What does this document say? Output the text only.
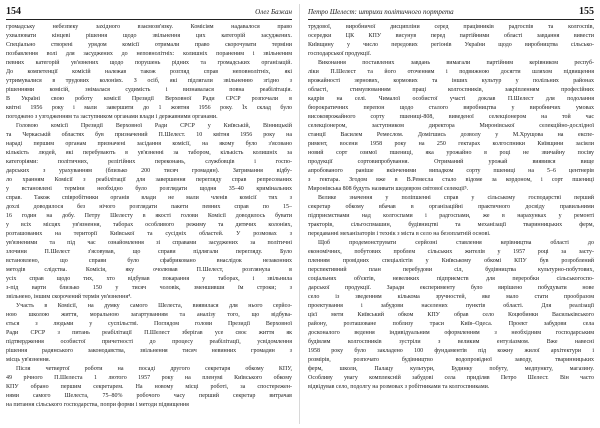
154	Олег Бажан
громадську небезпеку західного взаємозв'язку. Комісіям надавалося право
ухвалювати кінцеві рішення щодо звільнення цих категорій засуджених.
Спеціально створені урядом комісії отримали право скорочувати терміни
позбавлення волі для засуджених до неповнолітніх: колишніх пораненим і звільненим
певних категорій ув'язнених щодо порушень рідних та громадських організацій.
До компетенції комісій належав також розгляд справ неповнолітніх, які
утримувалися в трудових колоніях. З осіб, які підлягали звільненню згідно з
рішеннями комісій, знімалася судимість і визнавалася повна реабілітація.
В Україні свою роботу комісії Президії Верховної Ради СРСР розпочали в
квітні 1956 року і мали завершити до 1 жовтня 1956 року. Їх склад було
погоджено з узгодженням та заступником органами влади і державними органами.
Головою комісії Президії Верховної Ради СРСР у Київській, Вінницькій
та Черкаській областях був призначений П.Шелест. 10 квітня 1956 року на
нараді першим органам призначені засідання комісії, на якому було з'ясовано
кількість людей, які перебувають в ув'язненні за табором, кількість колишніх за
категоріями: політичних, релігійних переконань, службовців і госпо-
дарських з урахуванням (близько 200 тисяч громадян). Затримання відбу-
ло хранням Комісії з реабілітації для завершення перегляду справ репресованих
у встановлені терміни необхідно було розглядати щодня 35–40 кримінальних
справ. Також співробітники органів влади не мали членів комісії тих з
дохлі доводилося без нічого розглядати пакети певних справ по 15–
16 годин на добу. Петру Шелесту в якості голови Комісії доводилось бувати
у всіх місцях ув'язнення, таборах особливого режиму та дитячих колоніях,
розташованих на території Київської та сусідніх областей. У розмовах з
ув'язненими та під час ознайомлення зі справами засуджених за політичні
злочини П.Шелест з'ясовував, що справи підлягали перегляду. Було
встановлено, що справи було сфабриковано внаслідок незаконних
методів слідства. Комісія, яку очолював П.Шелест, розглянула в
усіх справ щодо тих, хто відбував покарання у таборах, і звільнила
з-під варти близько 150 у тисяч чоловік, зменшивши їм строки; з
звільнено, іншим скорочений термін ув'язнення⁴.
Участь в Комісії, на думку самого Шелеста, виявилася для нього серйоз-
ною школою життя, моральною загартуванням та аналізу того, що відбува-
ється з людьми у суспільстві. Поглядом голови Президії Верховної
Ради СРСР з питань реабілітації П.Шелест зберігав усе своє життя як
підтвердження особистої причетності до процесу реабілітації, усвідомлення
рішення радянського законодавства, звільнення тисяч невинних громадян з
місць ув'язнення.
Після четвертої роботи на посаді другого секретаря обкому КПУ,
49 річного П.Шелеста 1 лютого 1957 року на пленумі Київського обкому
КПУ обрано першим секретарем. На новому місці роботі, за спостережен-
нями самого Шелеста, 75–80% робочого часу перший секретар витрачав
на питання сільського господарства, попри форми і методи підвищення
Петро Шелест: штрихи політичного портрета	155
трудової, виробничої дисципліни серед працівників радгоспів та колгоспів,
осередки ЦК КПУ висунув перед партійними області завдання вивести
Київщину у число передових регіонів України щодо виробництва сільсько-
господарської продукції.
Виконання поставлених завдань вимагали партійним керівником респуб-
ліки П.Шелест та його оточенням і подвижною досягти шляхом підвищення
врожайності зернових, кормових та інших культур у полільних районах
області, стимулюванням праці колгоспників, закріпленням професійних
кадрів на селі. Чималої особистої участі доклав П.Шелест для подолання
бюрократичних перепон щодо сталого виробництва у виробничих умовах
високоврожайного сорту пшениці-808, виведеної селекціонером на той час
селекціонером, заступником директора Миронівської селекційно-дослідної
станції Василем Ремеслом. Домігшись дозволу у М.Хрущова на експе-
римент, восени 1958 року на 250 гектарах колгоспники Київщини засіяли
новий сорт озимої пшениці, яка урожайно в році не звичайну посіву
продукції сортовипробування. Отриманий урожай виявився вище
апробованого раніше вкінченими випадком сорту пшениці на 5–6 центнерів
з гектара. Згодом вже в В.Ремесла стало відоме за кордоном, і сорт пшениці
Миронівська 808 будуть називати шедевром світової селекції⁵.
Велике значення у поліпшенні справ у сільському господарстві перший
секретар обкому вбачав в організаційні практичного досвіду правильними
підприємствами над колгоспами і радгоспами, же в нарахунках у ремонті
тракторів, сільгоспмашин, будівництві та механізації тваринницьких ферм,
передаванні механізаторів і технік з міста в село на безоплатній основі.
Щоб продемонструвати серйозні ставлення керівництва області до
економічних, побутових проблем сільських жителів у 1957 році за засту-
пленням провідних спеціалістів у Київському обкомі КПУ був розроблений
перспективний план перебудови сіл, будівництва культурно-побутових,
соціальних об'єктів, невеликих підприємств для переробки сільськогоспо-
дарської продукції. Заради експерименту було вирішено побудувати нове
село із зведенням кількома зручностей, яке мало стати прообразом
проектування і забудови населених пунктів області. Для реалізації
цієї мети Київський обком КПУ обрав село Коцюбинки Васильківського
району, розташоване поблизу траси Київ–Одеса. Проект забудови села
досконалого ведення індивідуальним оформленням з необхідним господарським
будівлям колгоспників зустріли з великим ентузіазмом. Вже навесні
1958 року було закладено 100 фундаментів під кожну жилої архітектури і
розмірів, розпочато будівництво водопровідної заводу, тваринницьких
ферм, школи, Палацу культури, Будинку побуту, медпункту, магазину.
Особливу увагу комплексній забудові села приділяв Петро Шелест. Він часто
відвідував село, подолгу на розмовах з робітниками та колгоспниками.
